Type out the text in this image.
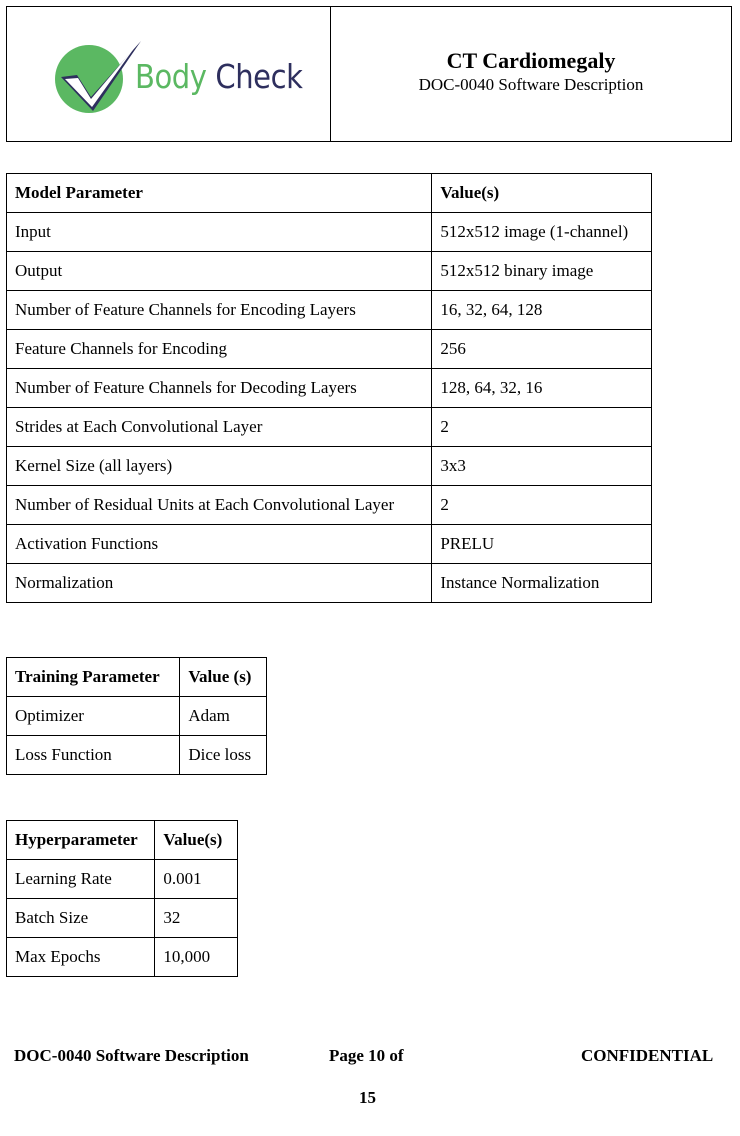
Body Check	CT Cardiomegaly
DOC-0040 Software Description
Model Parameter	Value(s)
Input	512x512 image (1-channel)
Output	512x512 binary image
Number of Feature Channels for Encoding Layers	16, 32, 64, 128
Feature Channels for Encoding	256
Number of Feature Channels for Decoding Layers	128, 64, 32, 16
Strides at Each Convolutional Layer	2
Kernel Size (all layers)	3x3
Number of Residual Units at Each Convolutional Layer	2
Activation Functions	PRELU
Normalization	Instance Normalization
Training Parameter	Value (s)
Optimizer	Adam
Loss Function	Dice loss
Hyperparameter	Value(s)
Learning Rate	0.001
Batch Size	32
Max Epochs	10,000
DOC-0040 Software Description	Page 10 of	CONFIDENTIAL
15
